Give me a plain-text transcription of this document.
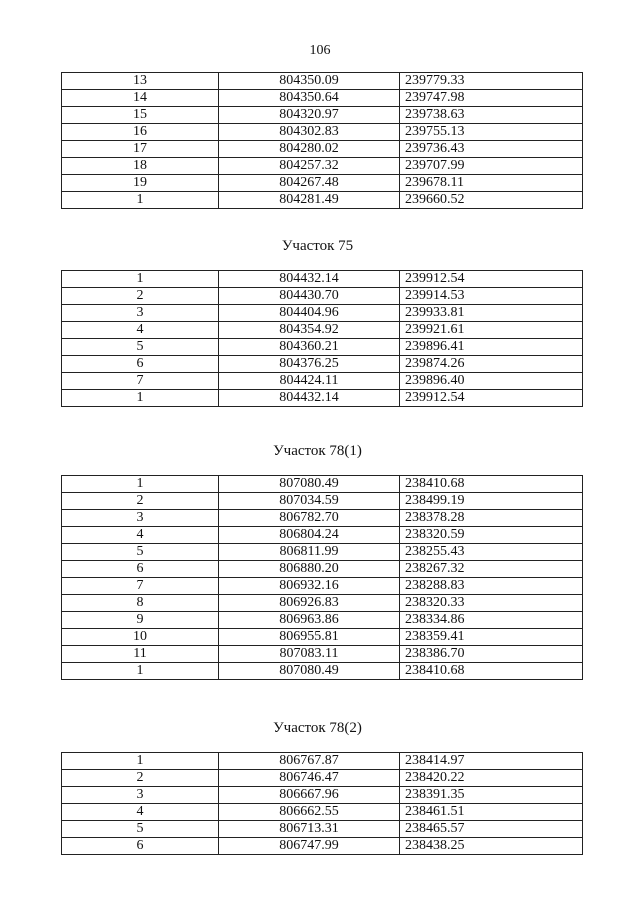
106
13	804350.09	239779.33
14	804350.64	239747.98
15	804320.97	239738.63
16	804302.83	239755.13
17	804280.02	239736.43
18	804257.32	239707.99
19	804267.48	239678.11
1	804281.49	239660.52
Участок 75
1	804432.14	239912.54
2	804430.70	239914.53
3	804404.96	239933.81
4	804354.92	239921.61
5	804360.21	239896.41
6	804376.25	239874.26
7	804424.11	239896.40
1	804432.14	239912.54
Участок 78(1)
1	807080.49	238410.68
2	807034.59	238499.19
3	806782.70	238378.28
4	806804.24	238320.59
5	806811.99	238255.43
6	806880.20	238267.32
7	806932.16	238288.83
8	806926.83	238320.33
9	806963.86	238334.86
10	806955.81	238359.41
11	807083.11	238386.70
1	807080.49	238410.68
Участок 78(2)
1	806767.87	238414.97
2	806746.47	238420.22
3	806667.96	238391.35
4	806662.55	238461.51
5	806713.31	238465.57
6	806747.99	238438.25
